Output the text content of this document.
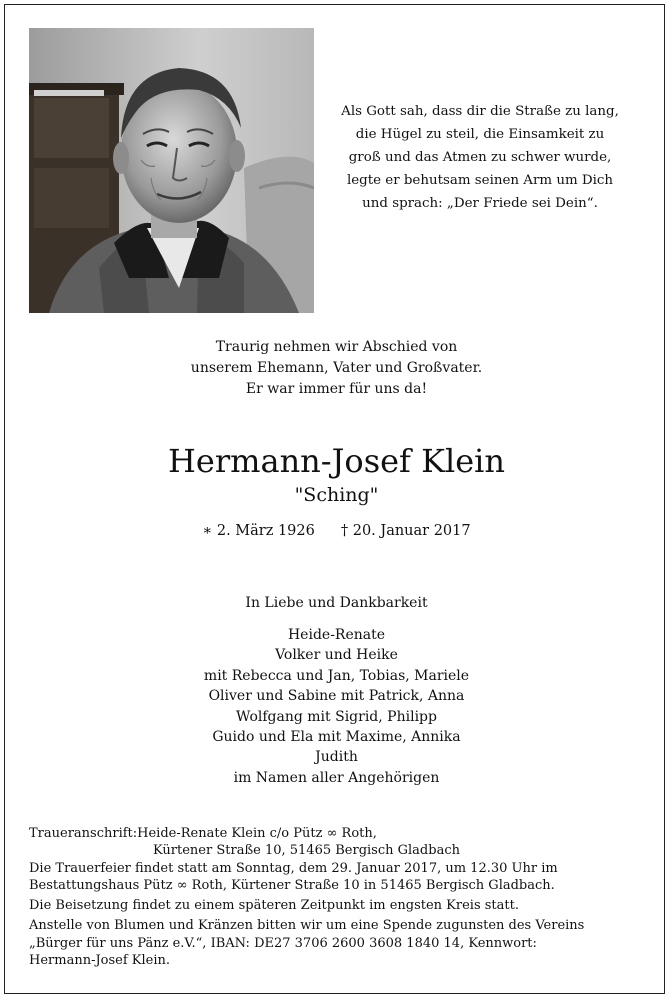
Als Gott sah, dass dir die Straße zu lang,
die Hügel zu steil, die Einsamkeit zu
groß und das Atmen zu schwer wurde,
legte er behutsam seinen Arm um Dich
und sprach: „Der Friede sei Dein“.
Traurig nehmen wir Abschied von
unserem Ehemann, Vater und Großvater.
Er war immer für uns da!
Hermann-Josef Klein
"Sching"
∗ 2. März 1926 † 20. Januar 2017
In Liebe und Dankbarkeit
Heide-Renate
Volker und Heike
mit Rebecca und Jan, Tobias, Mariele
Oliver und Sabine mit Patrick, Anna
Wolfgang mit Sigrid, Philipp
Guido und Ela mit Maxime, Annika
Judith
im Namen aller Angehörigen
Traueranschrift: Heide-Renate Klein c/o Pütz ∞ Roth,
Kürtener Straße 10, 51465 Bergisch Gladbach
Die Trauerfeier findet statt am Sonntag, dem 29. Januar 2017, um 12.30 Uhr im
Bestattungshaus Pütz ∞ Roth, Kürtener Straße 10 in 51465 Bergisch Gladbach.
Die Beisetzung findet zu einem späteren Zeitpunkt im engsten Kreis statt.
Anstelle von Blumen und Kränzen bitten wir um eine Spende zugunsten des Vereins
„Bürger für uns Pänz e.V.“, IBAN: DE27 3706 2600 3608 1840 14, Kennwort:
Hermann-Josef Klein.
